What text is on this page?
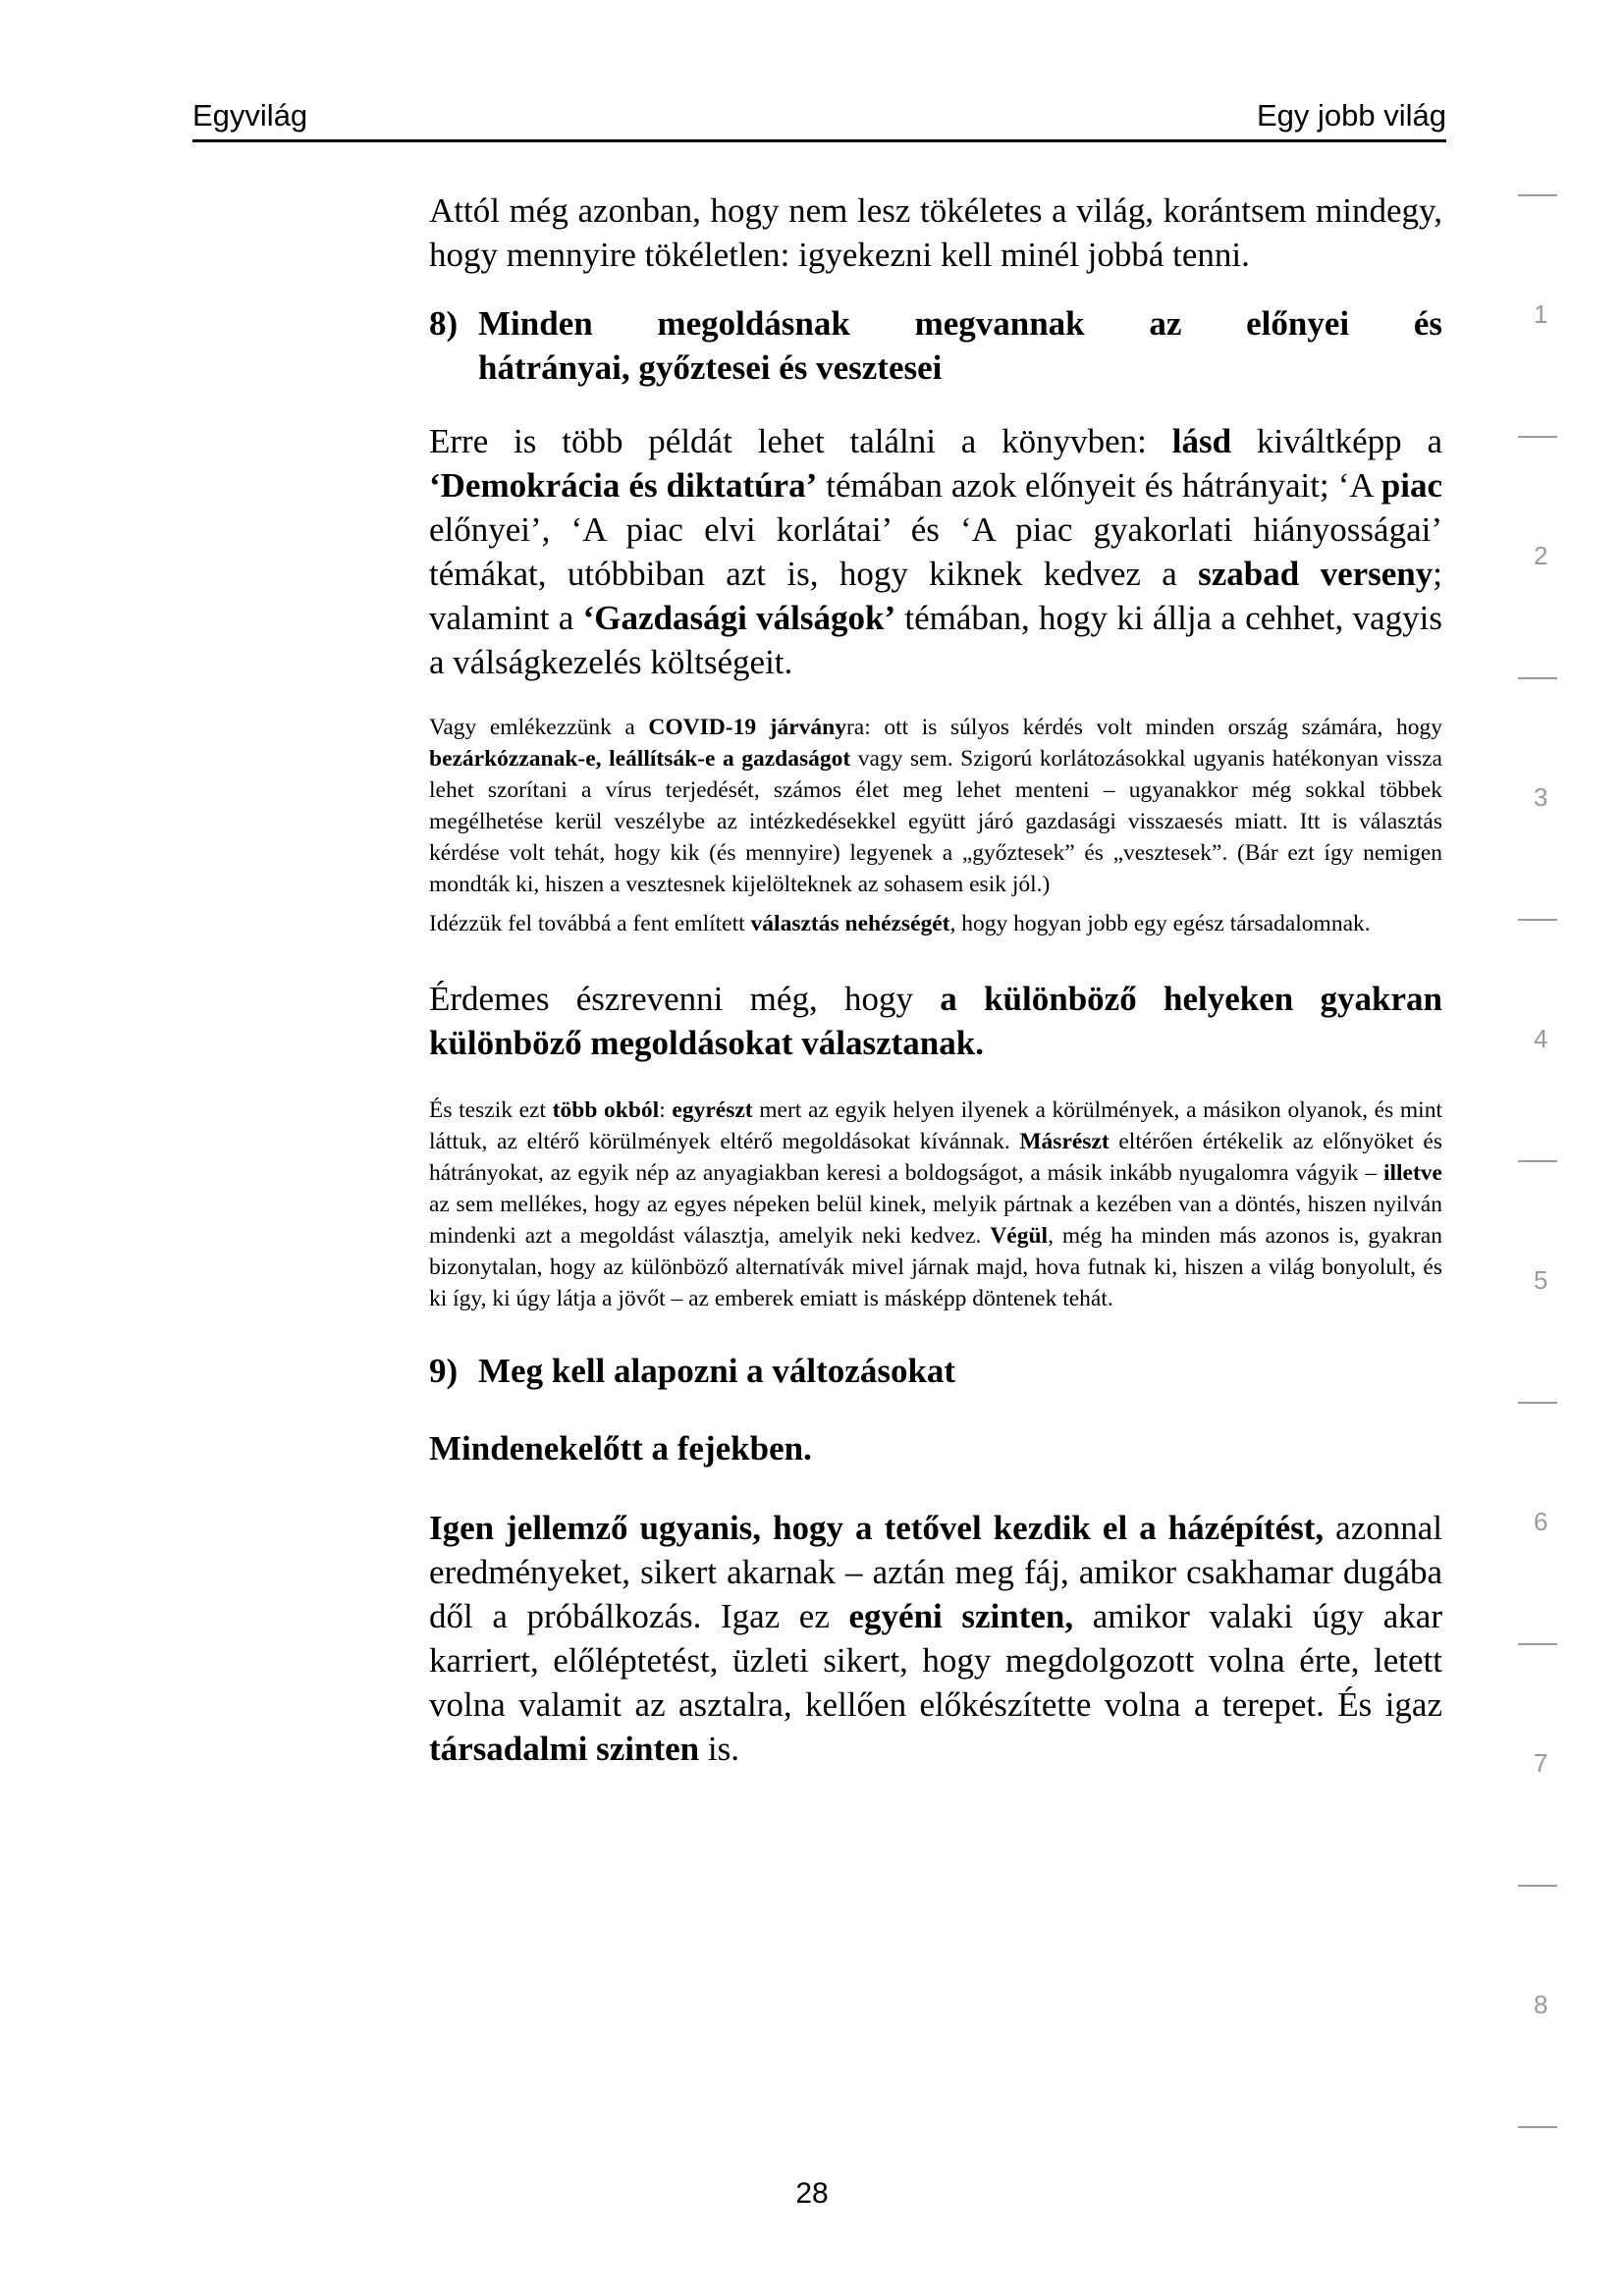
Egyvilág	Egy jobb világ

Attól még azonban, hogy nem lesz tökéletes a világ, korántsem mindegy, hogy mennyire tökéletlen: igyekezni kell minél jobbá tenni.

8) Minden megoldásnak megvannak az előnyei és
hátrányai, győztesei és vesztesei

Erre is több példát lehet találni a könyvben: lásd kiváltképp a ‘Demokrácia és diktatúra’ témában azok előnyeit és hátrányait; ‘A piac előnyei’, ‘A piac elvi korlátai’ és ‘A piac gyakorlati hiányosságai’ témákat, utóbbiban azt is, hogy kiknek kedvez a szabad verseny; valamint a ‘Gazdasági válságok’ témában, hogy ki állja a cehhet, vagyis a válságkezelés költségeit.

Vagy emlékezzünk a COVID-19 járványra: ott is súlyos kérdés volt minden ország számára, hogy bezárkózzanak-e, leállítsák-e a gazdaságot vagy sem. Szigorú korlátozásokkal ugyanis hatékonyan vissza lehet szorítani a vírus terjedését, számos élet meg lehet menteni – ugyanakkor még sokkal többek megélhetése kerül veszélybe az intézkedésekkel együtt járó gazdasági visszaesés miatt. Itt is választás kérdése volt tehát, hogy kik (és mennyire) legyenek a „győztesek” és „vesztesek”. (Bár ezt így nemigen mondták ki, hiszen a vesztesnek kijelölteknek az sohasem esik jól.)

Idézzük fel továbbá a fent említett választás nehézségét, hogy hogyan jobb egy egész társadalomnak.

Érdemes észrevenni még, hogy a különböző helyeken gyakran különböző megoldásokat választanak.

És teszik ezt több okból: egyrészt mert az egyik helyen ilyenek a körülmények, a másikon olyanok, és mint láttuk, az eltérő körülmények eltérő megoldásokat kívánnak. Másrészt eltérően értékelik az előnyöket és hátrányokat, az egyik nép az anyagiakban keresi a boldogságot, a másik inkább nyugalomra vágyik – illetve az sem mellékes, hogy az egyes népeken belül kinek, melyik pártnak a kezében van a döntés, hiszen nyilván mindenki azt a megoldást választja, amelyik neki kedvez. Végül, még ha minden más azonos is, gyakran bizonytalan, hogy az különböző alternatívák mivel járnak majd, hova futnak ki, hiszen a világ bonyolult, és ki így, ki úgy látja a jövőt – az emberek emiatt is másképp döntenek tehát.

9) Meg kell alapozni a változásokat

Mindenekelőtt a fejekben.

Igen jellemző ugyanis, hogy a tetővel kezdik el a házépítést, azonnal eredményeket, sikert akarnak – aztán meg fáj, amikor csakhamar dugába dől a próbálkozás. Igaz ez egyéni szinten, amikor valaki úgy akar karriert, előléptetést, üzleti sikert, hogy megdolgozott volna érte, letett volna valamit az asztalra, kellően előkészítette volna a terepet. És igaz társadalmi szinten is.

1
2
3
4
5
6
7
8
28
